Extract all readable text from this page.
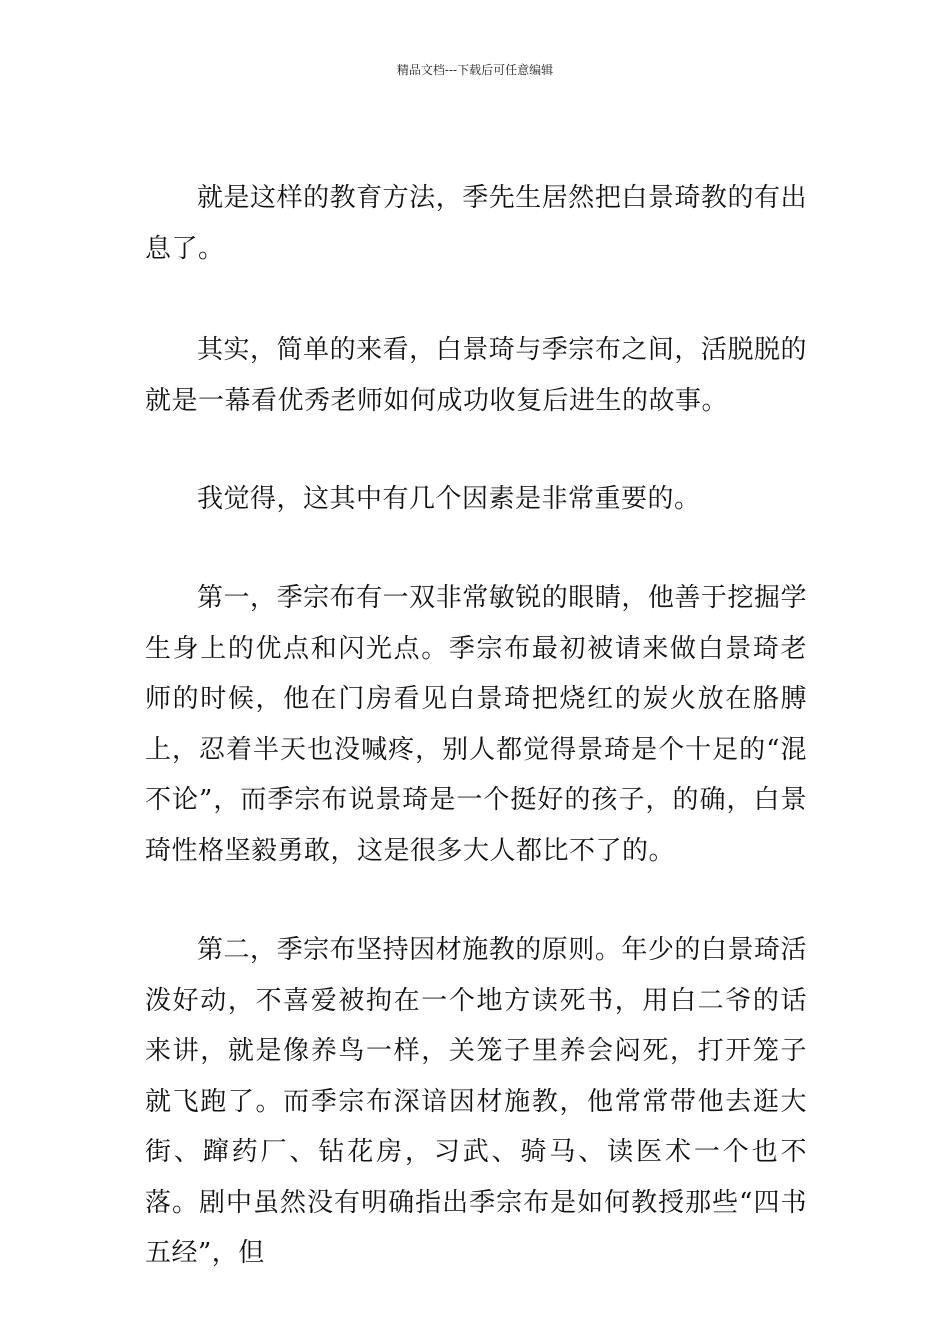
精品文档---下载后可任意编辑

就是这样的教育方法，季先生居然把白景琦教的有出息了。

其实，简单的来看，白景琦与季宗布之间，活脱脱的就是一幕看优秀老师如何成功收复后进生的故事。

我觉得，这其中有几个因素是非常重要的。

第一，季宗布有一双非常敏锐的眼睛，他善于挖掘学生身上的优点和闪光点。季宗布最初被请来做白景琦老师的时候，他在门房看见白景琦把烧红的炭火放在胳膊上，忍着半天也没喊疼，别人都觉得景琦是个十足的“混不论”，而季宗布说景琦是一个挺好的孩子，的确，白景琦性格坚毅勇敢，这是很多大人都比不了的。

第二，季宗布坚持因材施教的原则。年少的白景琦活泼好动，不喜爱被拘在一个地方读死书，用白二爷的话来讲，就是像养鸟一样，关笼子里养会闷死，打开笼子就飞跑了。而季宗布深谙因材施教，他常常带他去逛大街、蹿药厂、钻花房，习武、骑马、读医术一个也不落。剧中虽然没有明确指出季宗布是如何教授那些“四书五经”，但
